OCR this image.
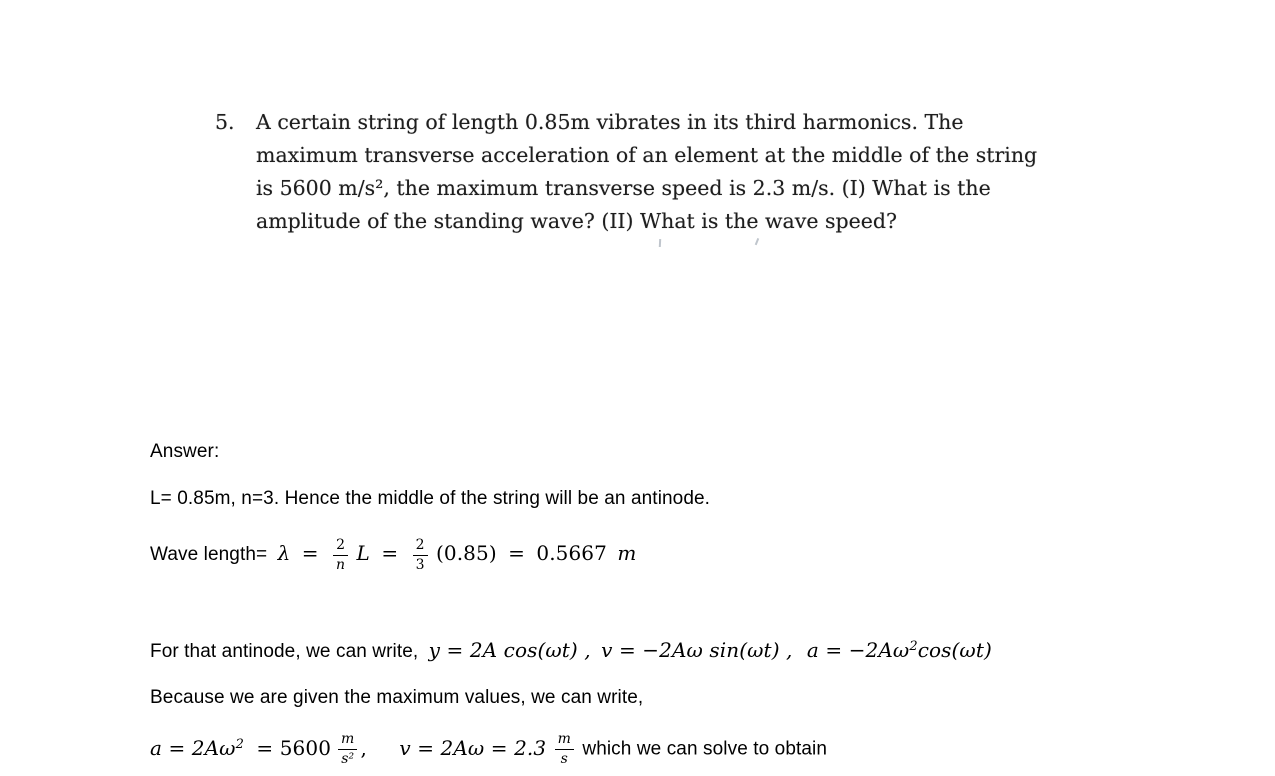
5.	A certain string of length 0.85m vibrates in its third harmonics. The
maximum transverse acceleration of an element at the middle of the string
is 5600 m/s², the maximum transverse speed is 2.3 m/s. (I) What is the
amplitude of the standing wave? (II) What is the wave speed?
Answer:
L= 0.85m, n=3. Hence the middle of the string will be an antinode.
Wave length= $\lambda = \frac{2}{n}$ $L = \frac{2}{3} (0.85) = 0.5667$ m
For that antinode, we can write, y = 2A cos(ωt) , v = −2Aω sin(ωt) , $a = -2A\omega^2\cos(\omega t)$
Because we are given the maximum values, we can write,
$a = 2A\omega^2 = 5600 \frac{m}{\text{s²}}$ , $v = 2A\omega = 2.3 \frac{m}{s}$ which we can solve to obtain
